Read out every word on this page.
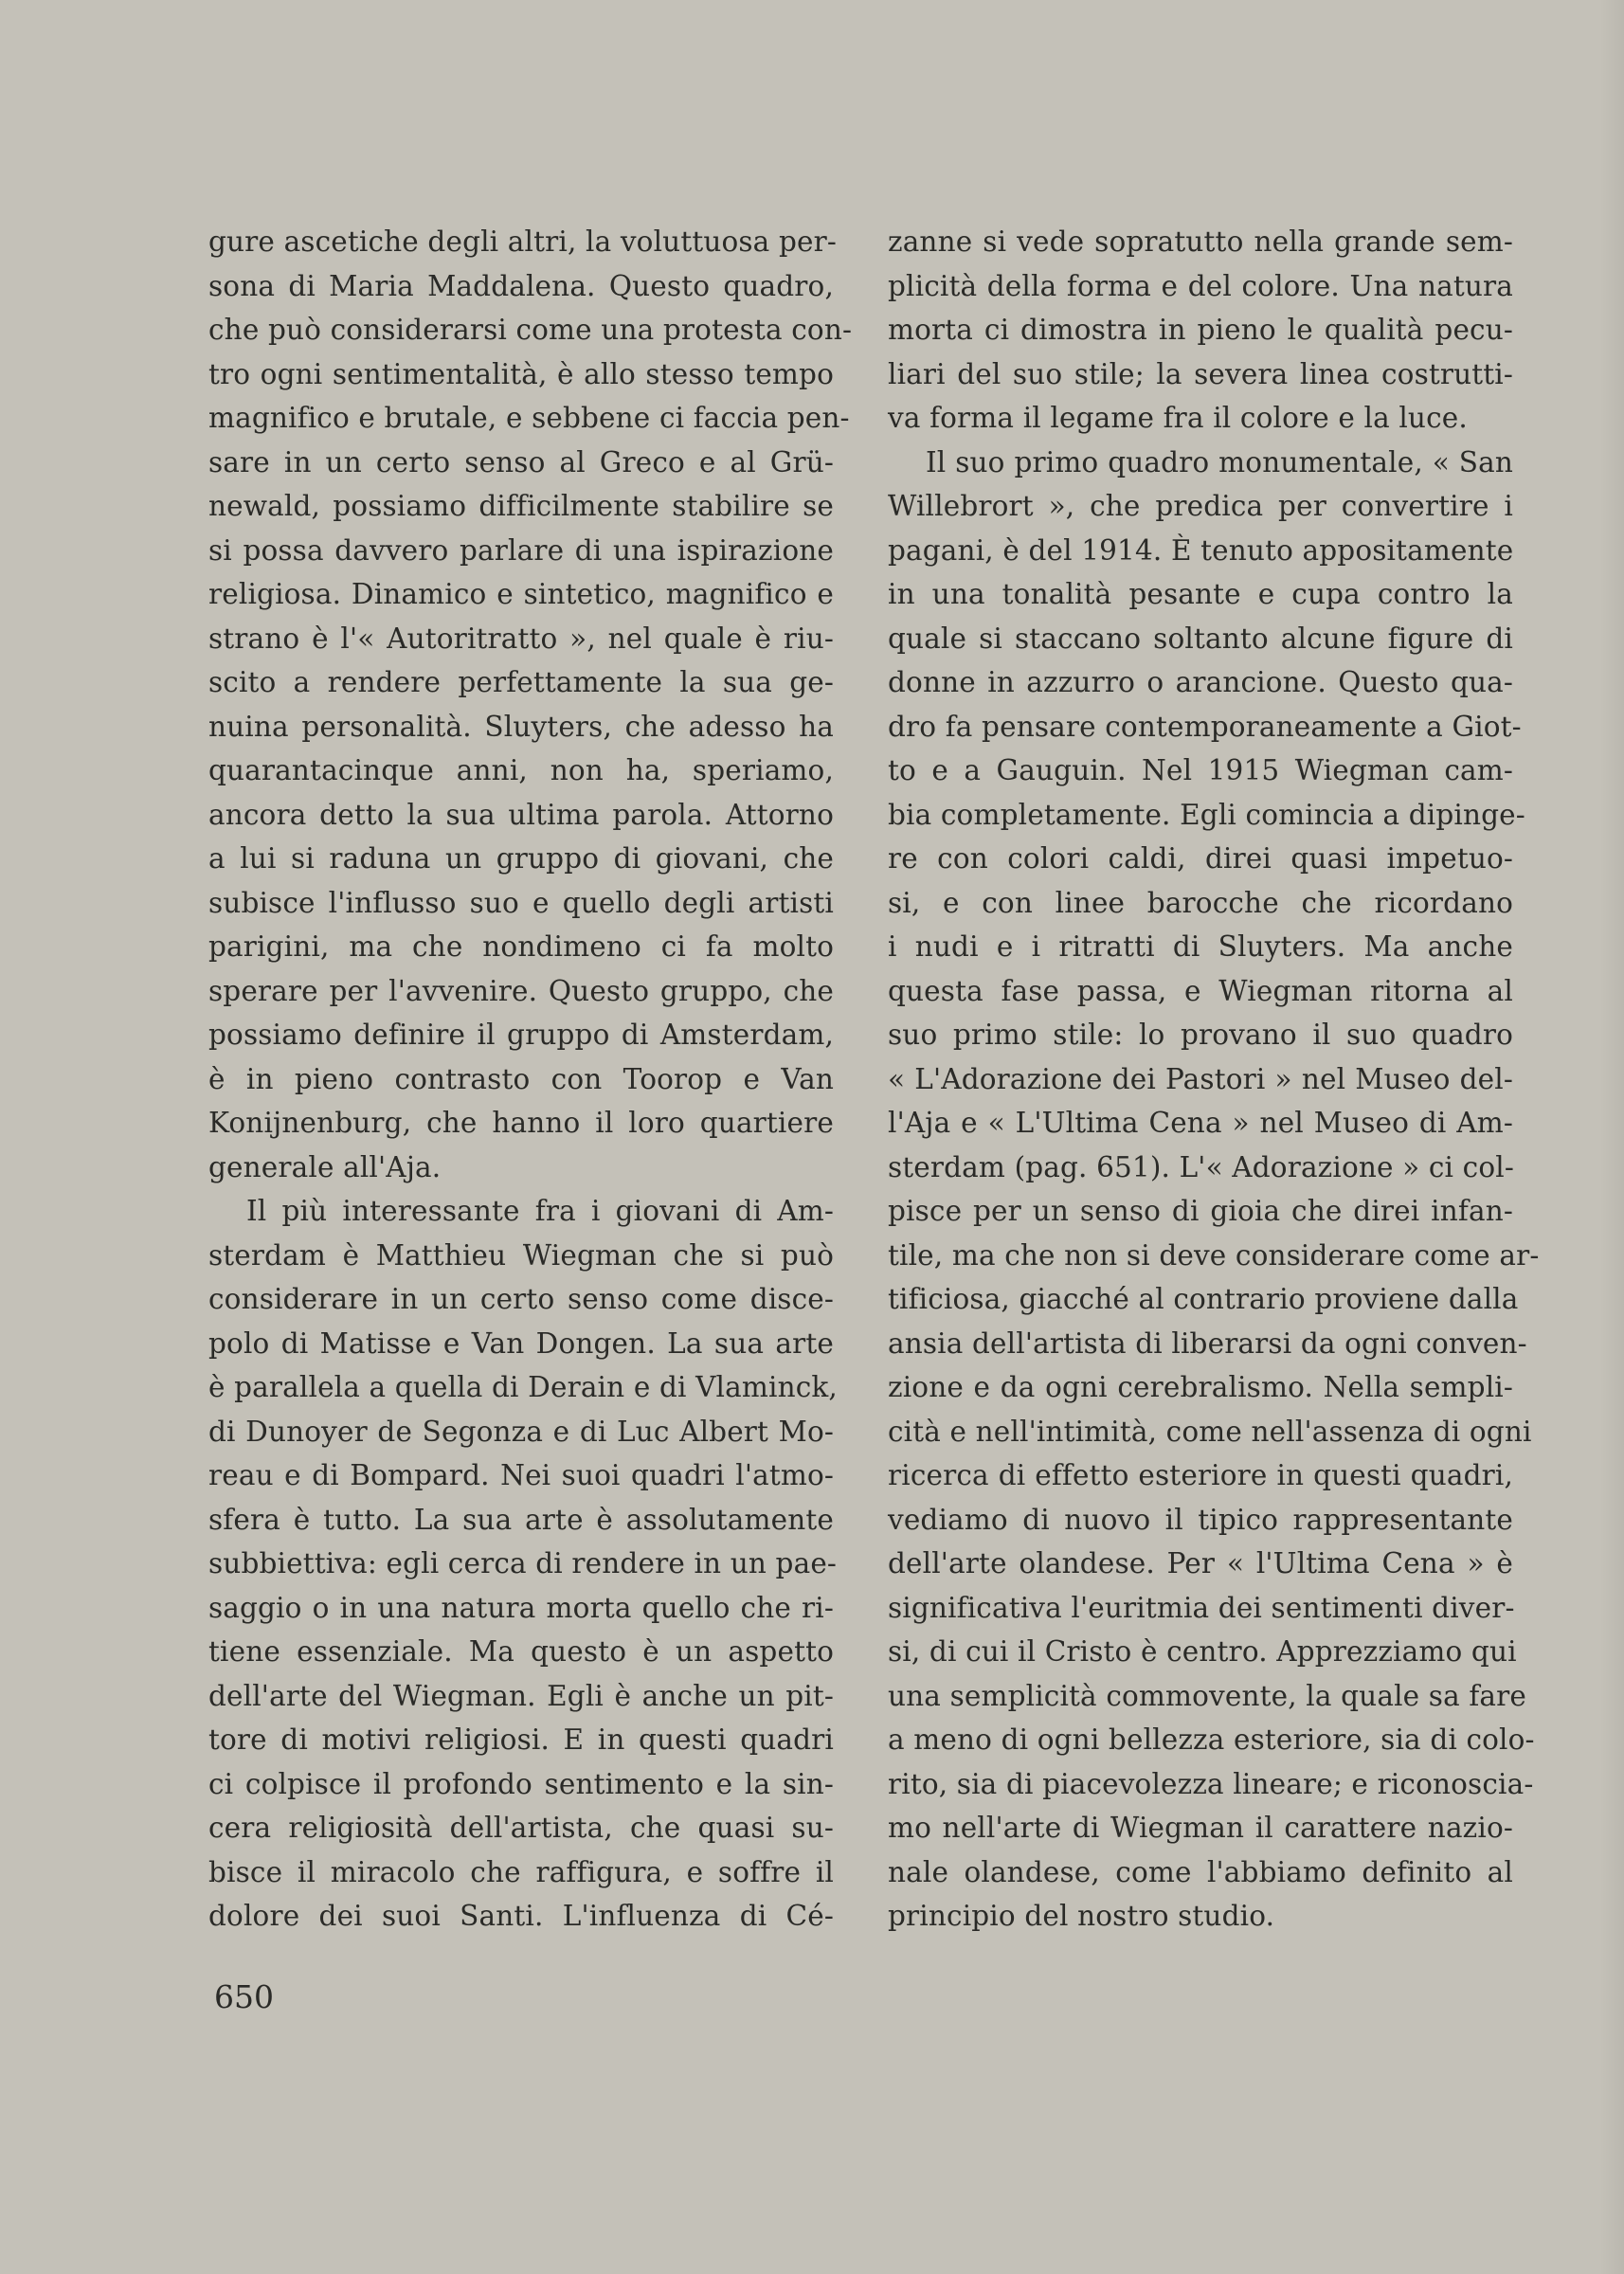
gure ascetiche degli altri, la voluttuosa per-
sona di Maria Maddalena. Questo quadro,
che può considerarsi come una protesta con-
tro ogni sentimentalità, è allo stesso tempo
magnifico e brutale, e sebbene ci faccia pen-
sare in un certo senso al Greco e al Grü-
newald, possiamo difficilmente stabilire se
si possa davvero parlare di una ispirazione
religiosa. Dinamico e sintetico, magnifico e
strano è l'« Autoritratto », nel quale è riu-
scito a rendere perfettamente la sua ge-
nuina personalità. Sluyters, che adesso ha
quarantacinque anni, non ha, speriamo,
ancora detto la sua ultima parola. Attorno
a lui si raduna un gruppo di giovani, che
subisce l'influsso suo e quello degli artisti
parigini, ma che nondimeno ci fa molto
sperare per l'avvenire. Questo gruppo, che
possiamo definire il gruppo di Amsterdam,
è in pieno contrasto con Toorop e Van
Konijnenburg, che hanno il loro quartiere
generale all'Aja.
Il più interessante fra i giovani di Am-
sterdam è Matthieu Wiegman che si può
considerare in un certo senso come disce-
polo di Matisse e Van Dongen. La sua arte
è parallela a quella di Derain e di Vlaminck,
di Dunoyer de Segonza e di Luc Albert Mo-
reau e di Bompard. Nei suoi quadri l'atmo-
sfera è tutto. La sua arte è assolutamente
subbiettiva: egli cerca di rendere in un pae-
saggio o in una natura morta quello che ri-
tiene essenziale. Ma questo è un aspetto
dell'arte del Wiegman. Egli è anche un pit-
tore di motivi religiosi. E in questi quadri
ci colpisce il profondo sentimento e la sin-
cera religiosità dell'artista, che quasi su-
bisce il miracolo che raffigura, e soffre il
dolore dei suoi Santi. L'influenza di Cé-
zanne si vede sopratutto nella grande sem-
plicità della forma e del colore. Una natura
morta ci dimostra in pieno le qualità pecu-
liari del suo stile; la severa linea costrutti-
va forma il legame fra il colore e la luce.
Il suo primo quadro monumentale, « San
Willebrort », che predica per convertire i
pagani, è del 1914. È tenuto appositamente
in una tonalità pesante e cupa contro la
quale si staccano soltanto alcune figure di
donne in azzurro o arancione. Questo qua-
dro fa pensare contemporaneamente a Giot-
to e a Gauguin. Nel 1915 Wiegman cam-
bia completamente. Egli comincia a dipinge-
re con colori caldi, direi quasi impetuo-
si, e con linee barocche che ricordano
i nudi e i ritratti di Sluyters. Ma anche
questa fase passa, e Wiegman ritorna al
suo primo stile: lo provano il suo quadro
« L'Adorazione dei Pastori » nel Museo del-
l'Aja e « L'Ultima Cena » nel Museo di Am-
sterdam (pag. 651). L'« Adorazione » ci col-
pisce per un senso di gioia che direi infan-
tile, ma che non si deve considerare come ar-
tificiosa, giacché al contrario proviene dalla
ansia dell'artista di liberarsi da ogni conven-
zione e da ogni cerebralismo. Nella sempli-
cità e nell'intimità, come nell'assenza di ogni
ricerca di effetto esteriore in questi quadri,
vediamo di nuovo il tipico rappresentante
dell'arte olandese. Per « l'Ultima Cena » è
significativa l'euritmia dei sentimenti diver-
si, di cui il Cristo è centro. Apprezziamo qui
una semplicità commovente, la quale sa fare
a meno di ogni bellezza esteriore, sia di colo-
rito, sia di piacevolezza lineare; e riconoscia-
mo nell'arte di Wiegman il carattere nazio-
nale olandese, come l'abbiamo definito al
principio del nostro studio.
650
